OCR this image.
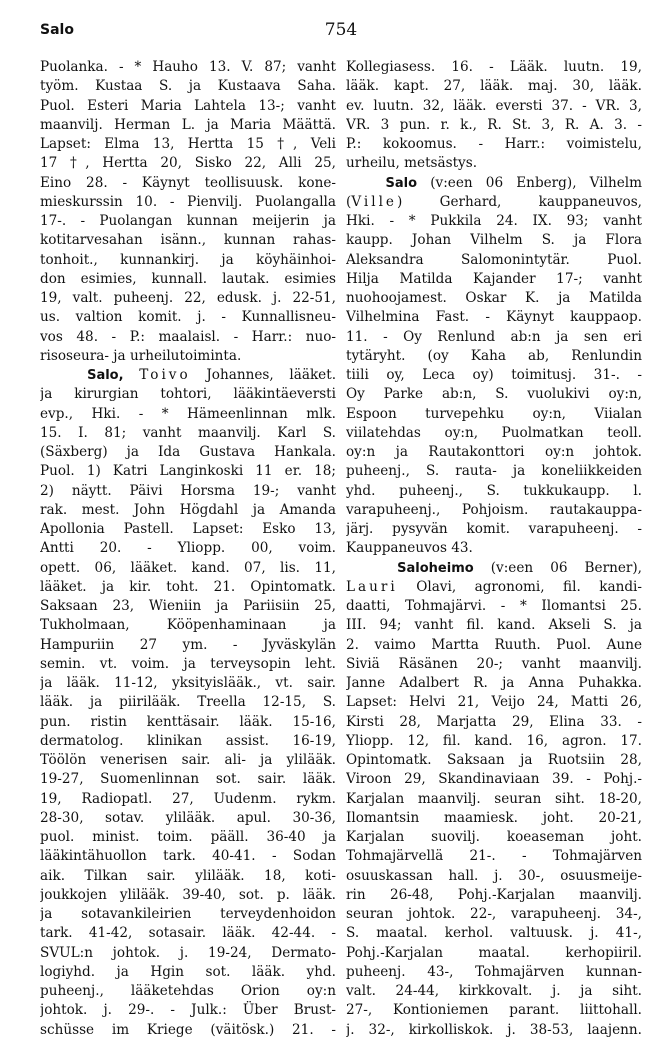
Salo	754
Puolanka. - * Hauho 13. V. 87; vanht
työm. Kustaa S. ja Kustaava Saha.
Puol. Esteri Maria Lahtela 13-; vanht
maanvilj. Herman L. ja Maria Määttä.
Lapset: Elma 13, Hertta 15 †, Veli
17 †, Hertta 20, Sisko 22, Alli 25,
Eino 28. - Käynyt teollisuusk. kone-
mieskurssin 10. - Pienvilj. Puolangalla
17-. - Puolangan kunnan meijerin ja
kotitarvesahan isänn., kunnan rahas-
tonhoit., kunnankirj. ja köyhäinhoi-
don esimies, kunnall. lautak. esimies
19, valt. puheenj. 22, edusk. j. 22-51,
us. valtion komit. j. - Kunnallisneu-
vos 48. - P.: maalaisl. - Harr.: nuo-
risoseura- ja urheilutoiminta.
Salo, Toivo Johannes, lääket.
ja kirurgian tohtori, lääkintäeversti
evp., Hki. - * Hämeenlinnan mlk.
15. I. 81; vanht maanvilj. Karl S.
(Säxberg) ja Ida Gustava Hankala.
Puol. 1) Katri Langinkoski 11 er. 18;
2) näytt. Päivi Horsma 19-; vanht
rak. mest. John Högdahl ja Amanda
Apollonia Pastell. Lapset: Esko 13,
Antti 20. - Yliopp. 00, voim.
opett. 06, lääket. kand. 07, lis. 11,
lääket. ja kir. toht. 21. Opintomatk.
Saksaan 23, Wieniin ja Pariisiin 25,
Tukholmaan, Kööpenhaminaan ja
Hampuriin 27 ym. - Jyväskylän
semin. vt. voim. ja terveysopin leht.
ja lääk. 11-12, yksityislääk., vt. sair.
lääk. ja piirilääk. Treella 12-15, S.
pun. ristin kenttäsair. lääk. 15-16,
dermatolog. klinikan assist. 16-19,
Töölön venerisen sair. ali- ja ylilääk.
19-27, Suomenlinnan sot. sair. lääk.
19, Radiopatl. 27, Uudenm. rykm.
28-30, sotav. ylilääk. apul. 30-36,
puol. minist. toim. pääll. 36-40 ja
lääkintähuollon tark. 40-41. - Sodan
aik. Tilkan sair. ylilääk. 18, koti-
joukkojen ylilääk. 39-40, sot. p. lääk.
ja sotavankileirien terveydenhoidon
tark. 41-42, sotasair. lääk. 42-44. -
SVUL:n johtok. j. 19-24, Dermato-
logiyhd. ja Hgin sot. lääk. yhd.
puheenj., lääketehdas Orion oy:n
johtok. j. 29-. - Julk.: Über Brust-
schüsse im Kriege (väitösk.) 21. -
Kollegiasess. 16. - Lääk. luutn. 19,
lääk. kapt. 27, lääk. maj. 30, lääk.
ev. luutn. 32, lääk. eversti 37. - VR. 3,
VR. 3 pun. r. k., R. St. 3, R. A. 3. -
P.: kokoomus. - Harr.: voimistelu,
urheilu, metsästys.
Salo (v:een 06 Enberg), Vilhelm
(Ville) Gerhard, kauppaneuvos,
Hki. - * Pukkila 24. IX. 93; vanht
kaupp. Johan Vilhelm S. ja Flora
Aleksandra Salomonintytär. Puol.
Hilja Matilda Kajander 17-; vanht
nuohoojamest. Oskar K. ja Matilda
Vilhelmina Fast. - Käynyt kauppaop.
11. - Oy Renlund ab:n ja sen eri
tytäryht. (oy Kaha ab, Renlundin
tiili oy, Leca oy) toimitusj. 31-. -
Oy Parke ab:n, S. vuolukivi oy:n,
Espoon turvepehku oy:n, Viialan
viilatehdas oy:n, Puolmatkan teoll.
oy:n ja Rautakonttori oy:n johtok.
puheenj., S. rauta- ja koneliikkeiden
yhd. puheenj., S. tukkukaupp. l.
varapuheenj., Pohjoism. rautakauppa-
järj. pysyvän komit. varapuheenj. -
Kauppaneuvos 43.
Saloheimo (v:een 06 Berner),
Lauri Olavi, agronomi, fil. kandi-
daatti, Tohmajärvi. - * Ilomantsi 25.
III. 94; vanht fil. kand. Akseli S. ja
2. vaimo Martta Ruuth. Puol. Aune
Siviä Räsänen 20-; vanht maanvilj.
Janne Adalbert R. ja Anna Puhakka.
Lapset: Helvi 21, Veijo 24, Matti 26,
Kirsti 28, Marjatta 29, Elina 33. -
Yliopp. 12, fil. kand. 16, agron. 17.
Opintomatk. Saksaan ja Ruotsiin 28,
Viroon 29, Skandinaviaan 39. - Pohj.-
Karjalan maanvilj. seuran siht. 18-20,
Ilomantsin maamiesk. joht. 20-21,
Karjalan suovilj. koeaseman joht.
Tohmajärvellä 21-. - Tohmajärven
osuuskassan hall. j. 30-, osuusmeije-
rin 26-48, Pohj.-Karjalan maanvilj.
seuran johtok. 22-, varapuheenj. 34-,
S. maatal. kerhol. valtuusk. j. 41-,
Pohj.-Karjalan maatal. kerhopiiril.
puheenj. 43-, Tohmajärven kunnan-
valt. 24-44, kirkkovalt. j. ja siht.
27-, Kontioniemen parant. liittohall.
j. 32-, kirkolliskok. j. 38-53, laajenn.
